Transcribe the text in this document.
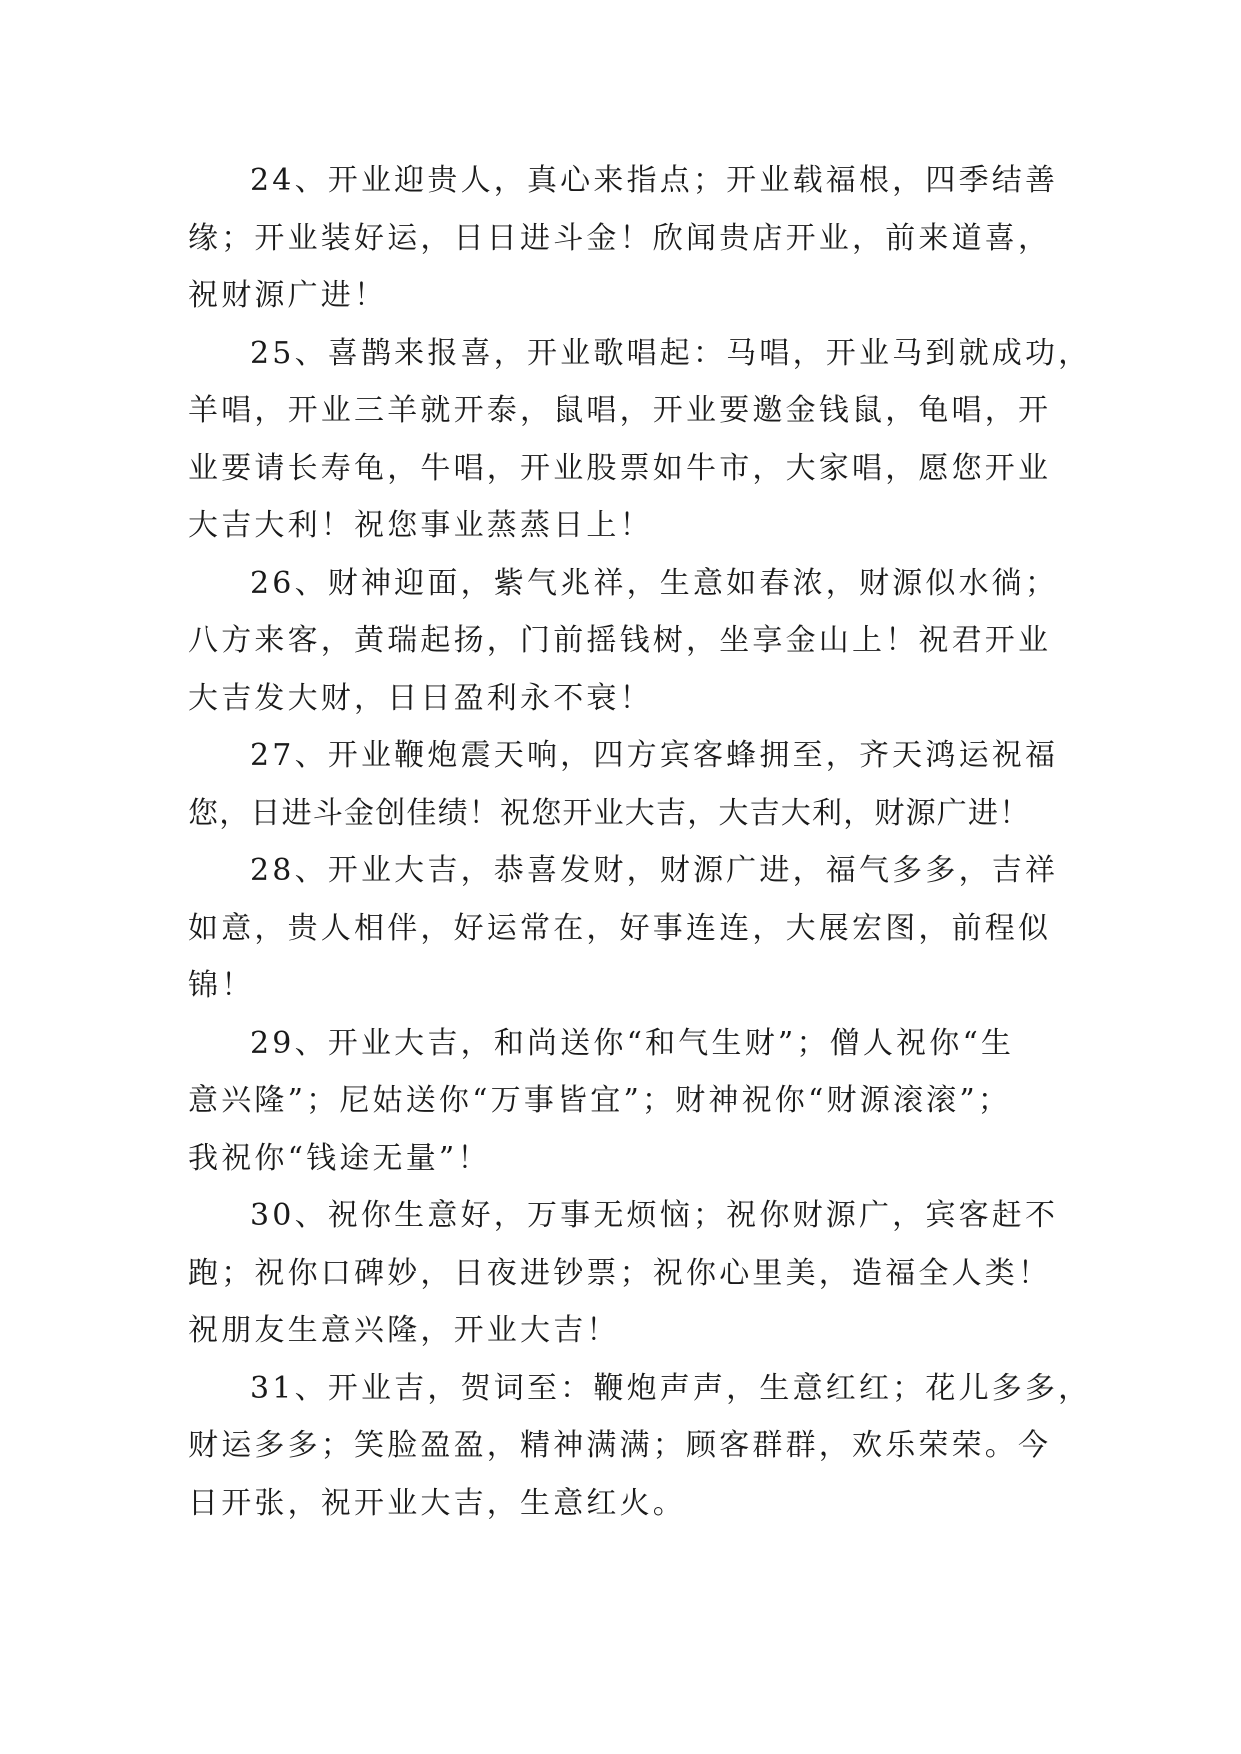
24、开业迎贵人，真心来指点；开业载福根，四季结善
缘；开业装好运，日日进斗金！欣闻贵店开业，前来道喜，
祝财源广进！
25、喜鹊来报喜，开业歌唱起：马唱，开业马到就成功，
羊唱，开业三羊就开泰，鼠唱，开业要邀金钱鼠，龟唱，开
业要请长寿龟，牛唱，开业股票如牛市，大家唱，愿您开业
大吉大利！祝您事业蒸蒸日上！
26、财神迎面，紫气兆祥，生意如春浓，财源似水徜；
八方来客，黄瑞起扬，门前摇钱树，坐享金山上！祝君开业
大吉发大财，日日盈利永不衰！
27、开业鞭炮震天响，四方宾客蜂拥至，齐天鸿运祝福
您，日进斗金创佳绩！祝您开业大吉，大吉大利，财源广进！
28、开业大吉，恭喜发财，财源广进，福气多多，吉祥
如意，贵人相伴，好运常在，好事连连，大展宏图，前程似
锦！
29、开业大吉，和尚送你“和气生财”；僧人祝你“生
意兴隆”；尼姑送你“万事皆宜”；财神祝你“财源滚滚”；
我祝你“钱途无量”！
30、祝你生意好，万事无烦恼；祝你财源广，宾客赶不
跑；祝你口碑妙，日夜进钞票；祝你心里美，造福全人类！
祝朋友生意兴隆，开业大吉！
31、开业吉，贺词至：鞭炮声声，生意红红；花儿多多，
财运多多；笑脸盈盈，精神满满；顾客群群，欢乐荣荣。今
日开张，祝开业大吉，生意红火。
